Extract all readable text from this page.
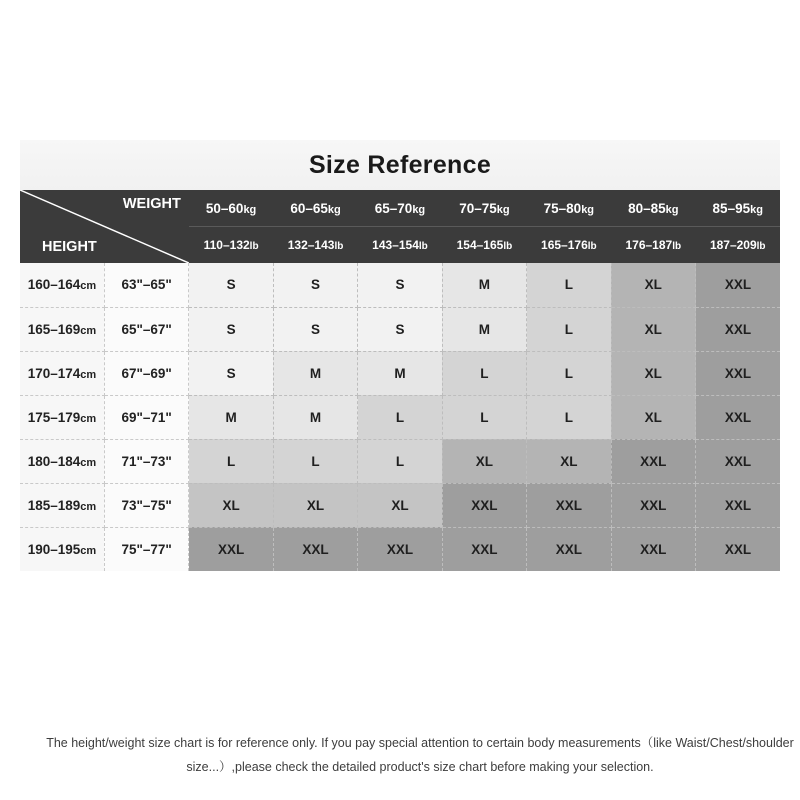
Size Reference
WEIGHT
HEIGHT		50–60kg	60–65kg	65–70kg	70–75kg	75–80kg	80–85kg	85–95kg
		110–132lb	132–143lb	143–154lb	154–165lb	165–176lb	176–187lb	187–209lb
160–164cm	63"–65"	S	S	S	M	L	XL	XXL
165–169cm	65"–67"	S	S	S	M	L	XL	XXL
170–174cm	67"–69"	S	M	M	L	L	XL	XXL
175–179cm	69"–71"	M	M	L	L	L	XL	XXL
180–184cm	71"–73"	L	L	L	XL	XL	XXL	XXL
185–189cm	73"–75"	XL	XL	XL	XXL	XXL	XXL	XXL
190–195cm	75"–77"	XXL	XXL	XXL	XXL	XXL	XXL	XXL
The height/weight size chart is for reference only. If you pay special attention to certain body measurements（like Waist/Chest/shoulder size...）,please check the detailed product's size chart before making your selection.
